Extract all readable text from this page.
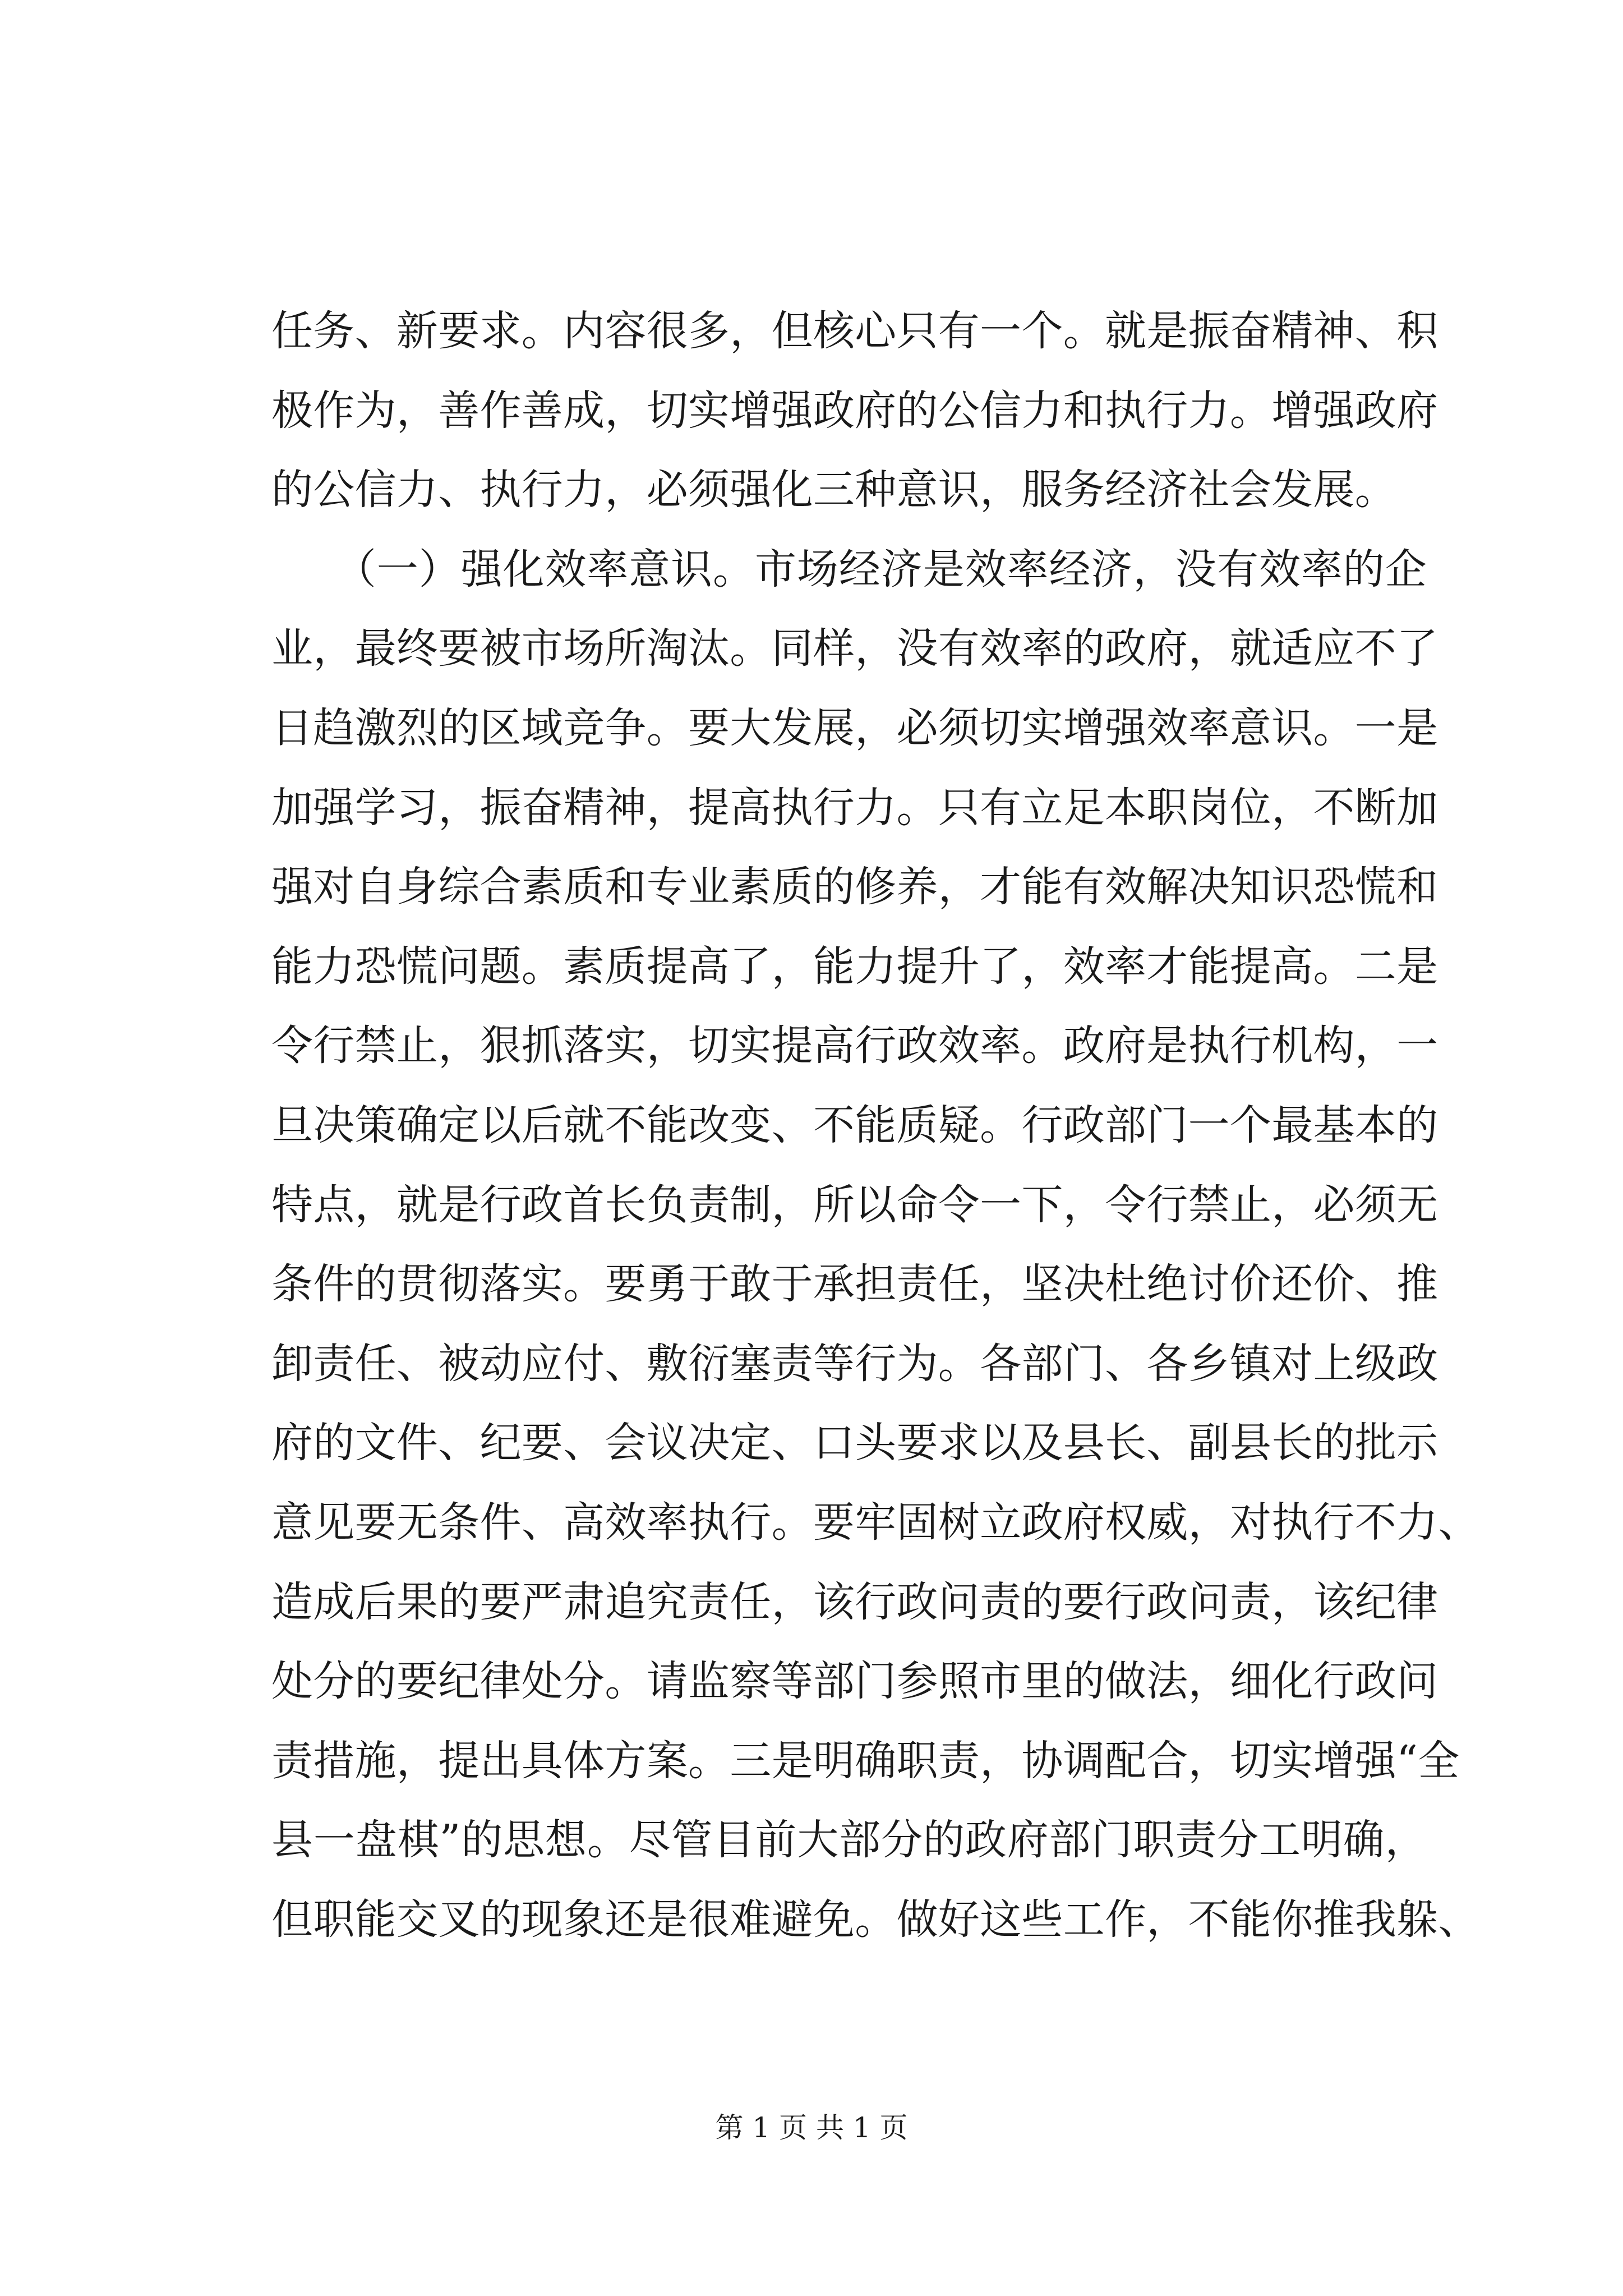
任务、新要求。内容很多，但核心只有一个。就是振奋精神、积
极作为，善作善成，切实增强政府的公信力和执行力。增强政府
的公信力、执行力，必须强化三种意识，服务经济社会发展。
　　（一）强化效率意识。市场经济是效率经济，没有效率的企
业，最终要被市场所淘汰。同样，没有效率的政府，就适应不了
日趋激烈的区域竞争。要大发展，必须切实增强效率意识。一是
加强学习，振奋精神，提高执行力。只有立足本职岗位，不断加
强对自身综合素质和专业素质的修养，才能有效解决知识恐慌和
能力恐慌问题。素质提高了，能力提升了，效率才能提高。二是
令行禁止，狠抓落实，切实提高行政效率。政府是执行机构，一
旦决策确定以后就不能改变、不能质疑。行政部门一个最基本的
特点，就是行政首长负责制，所以命令一下，令行禁止，必须无
条件的贯彻落实。要勇于敢于承担责任，坚决杜绝讨价还价、推
卸责任、被动应付、敷衍塞责等行为。各部门、各乡镇对上级政
府的文件、纪要、会议决定、口头要求以及县长、副县长的批示
意见要无条件、高效率执行。要牢固树立政府权威，对执行不力、
造成后果的要严肃追究责任，该行政问责的要行政问责，该纪律
处分的要纪律处分。请监察等部门参照市里的做法，细化行政问
责措施，提出具体方案。三是明确职责，协调配合，切实增强“全
县一盘棋”的思想。尽管目前大部分的政府部门职责分工明确，
但职能交叉的现象还是很难避免。做好这些工作，不能你推我躲、
第 1 页 共 1 页
